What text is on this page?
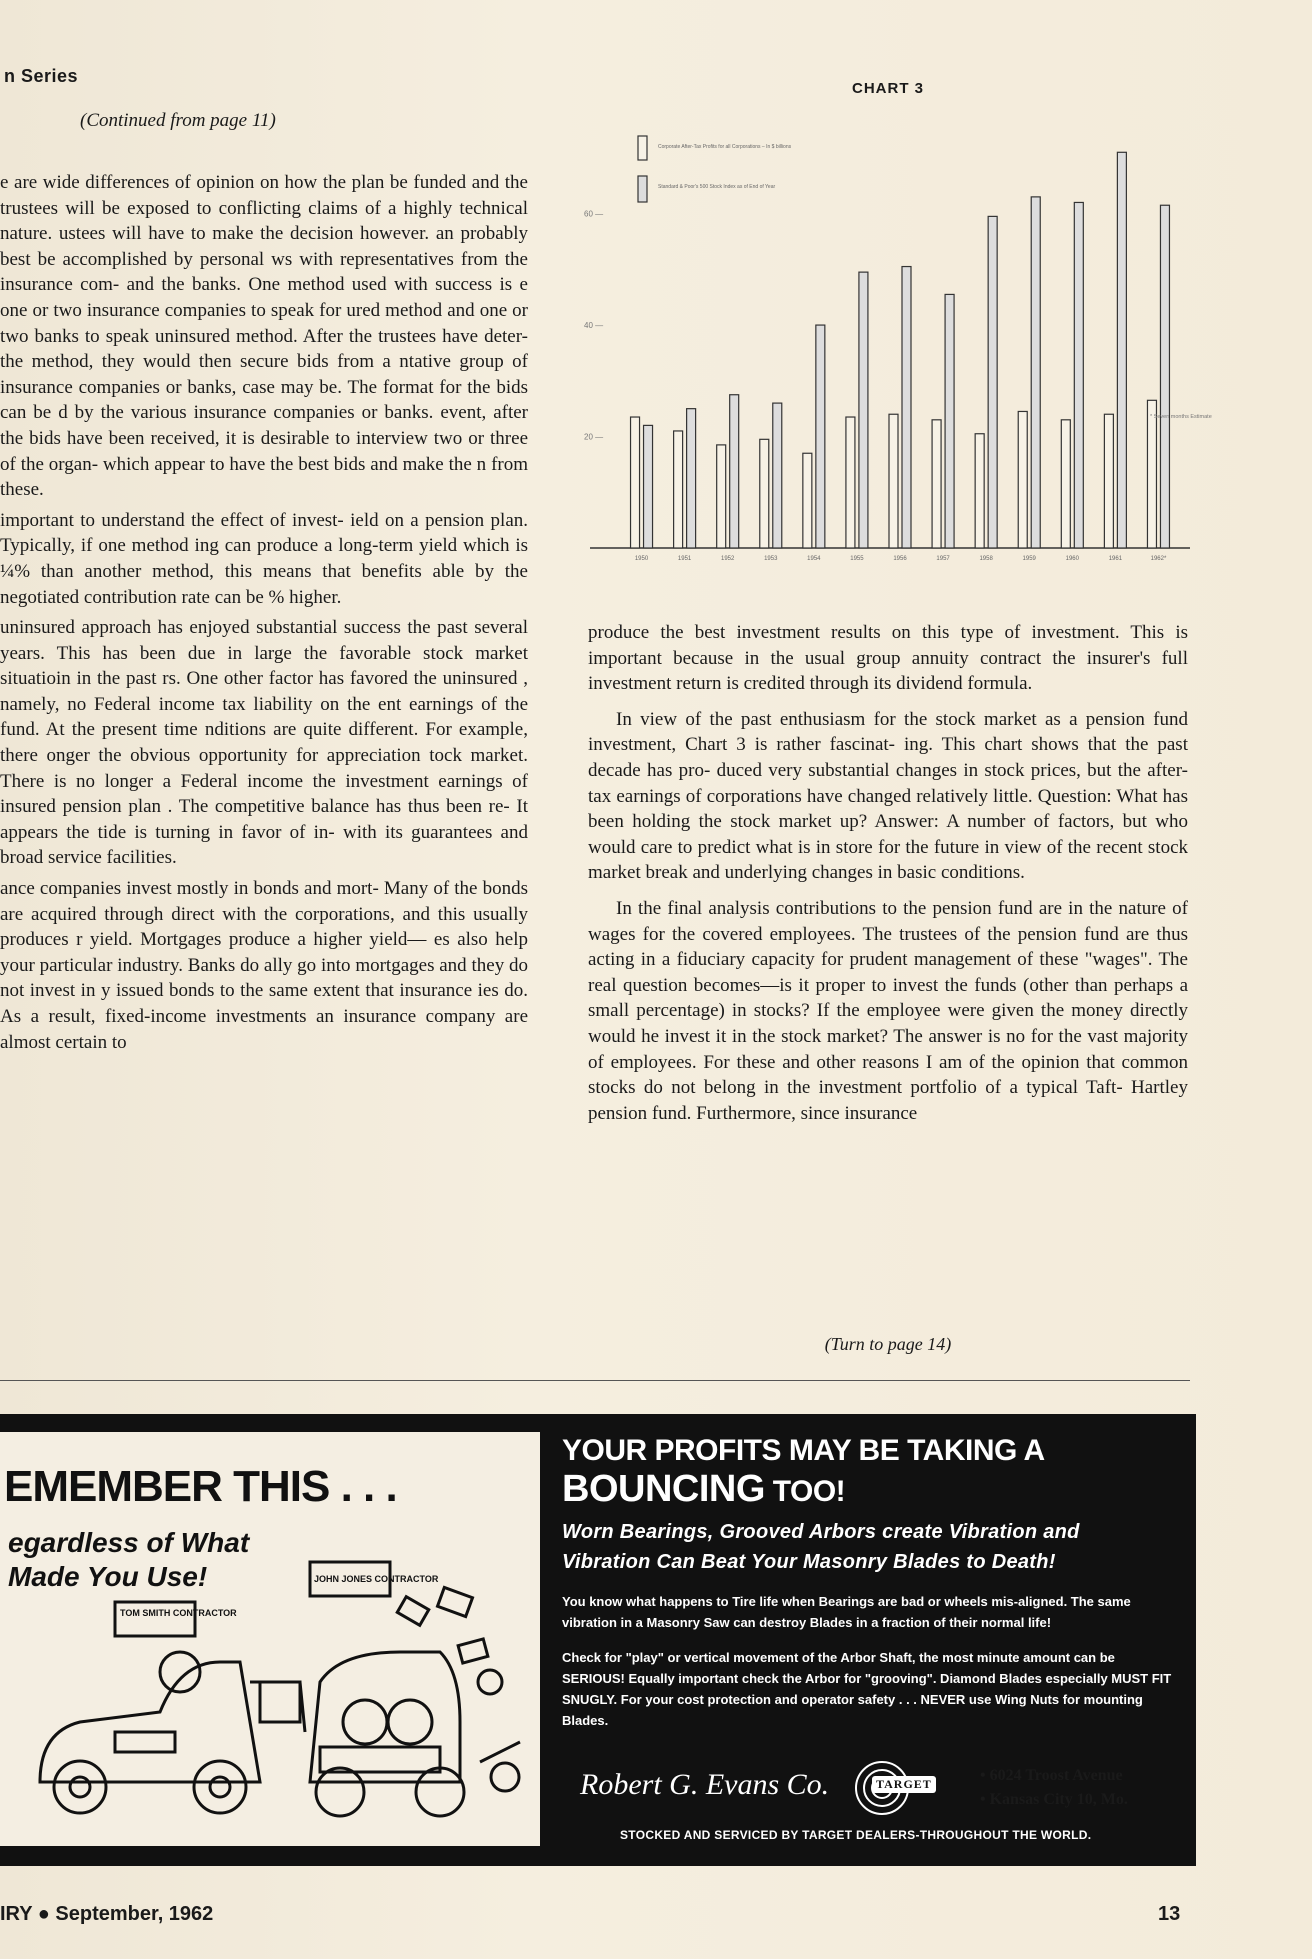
n Series
(Continued from page 11)

e are wide differences of opinion on how the plan be funded and the trustees will be exposed to conflicting claims of a highly technical nature. ustees will have to make the decision however. an probably best be accomplished by personal ws with representatives from the insurance com- and the banks. One method used with success is e one or two insurance companies to speak for ured method and one or two banks to speak uninsured method. After the trustees have deter- the method, they would then secure bids from a ntative group of insurance companies or banks, case may be. The format for the bids can be d by the various insurance companies or banks. event, after the bids have been received, it is desirable to interview two or three of the organ- which appear to have the best bids and make the n from these.

important to understand the effect of invest- ield on a pension plan. Typically, if one method ing can produce a long-term yield which is ¼% than another method, this means that benefits able by the negotiated contribution rate can be % higher.

uninsured approach has enjoyed substantial success the past several years. This has been due in large the favorable stock market situatioin in the past rs. One other factor has favored the uninsured , namely, no Federal income tax liability on the ent earnings of the fund. At the present time nditions are quite different. For example, there onger the obvious opportunity for appreciation tock market. There is no longer a Federal income the investment earnings of insured pension plan . The competitive balance has thus been re- It appears the tide is turning in favor of in- with its guarantees and broad service facilities.

ance companies invest mostly in bonds and mort- Many of the bonds are acquired through direct with the corporations, and this usually produces r yield. Mortgages produce a higher yield— es also help your particular industry. Banks do ally go into mortgages and they do not invest in y issued bonds to the same extent that insurance ies do. As a result, fixed-income investments an insurance company are almost certain to

CHART 3
60 —
40 —
20 —
1950	1951	1952	1953	1954	1955	1956	1957	1958	1959	1960	1961	1962*
Corporate After-Tax Profits for all Corporations – In $ billions
Standard & Poor's 500 Stock Index as of End of Year
* Seven months Estimate

produce the best investment results on this type of investment. This is important because in the usual group annuity contract the insurer's full investment return is credited through its dividend formula.

In view of the past enthusiasm for the stock market as a pension fund investment, Chart 3 is rather fascinat- ing. This chart shows that the past decade has pro- duced very substantial changes in stock prices, but the after-tax earnings of corporations have changed relatively little. Question: What has been holding the stock market up? Answer: A number of factors, but who would care to predict what is in store for the future in view of the recent stock market break and underlying changes in basic conditions.

In the final analysis contributions to the pension fund are in the nature of wages for the covered employees. The trustees of the pension fund are thus acting in a fiduciary capacity for prudent management of these "wages". The real question becomes—is it proper to invest the funds (other than perhaps a small percentage) in stocks? If the employee were given the money directly would he invest it in the stock market? The answer is no for the vast majority of employees. For these and other reasons I am of the opinion that common stocks do not belong in the investment portfolio of a typical Taft- Hartley pension fund. Furthermore, since insurance

(Turn to page 14)
EMEMBER THIS . . .
egardless of What
Made You Use!
TOM SMITH CONTRACTOR
JOHN JONES CONTRACTOR
YOUR PROFITS MAY BE TAKING A BOUNCING TOO!
Worn Bearings, Grooved Arbors create Vibration and Vibration Can Beat Your Masonry Blades to Death!

You know what happens to Tire life when Bearings are bad or wheels mis-aligned. The same vibration in a Masonry Saw can destroy Blades in a fraction of their normal life!

Check for "play" or vertical movement of the Arbor Shaft, the most minute amount can be SERIOUS! Equally important check the Arbor for "grooving". Diamond Blades especially MUST FIT SNUGLY. For your cost protection and operator safety . . . NEVER use Wing Nuts for mounting Blades.

Robert G. Evans Co.	TARGET	• 6024 Troost Avenue
• Kansas City 10, Mo.
STOCKED AND SERVICED BY TARGET DEALERS-THROUGHOUT THE WORLD.
IRY ● September, 1962	13
